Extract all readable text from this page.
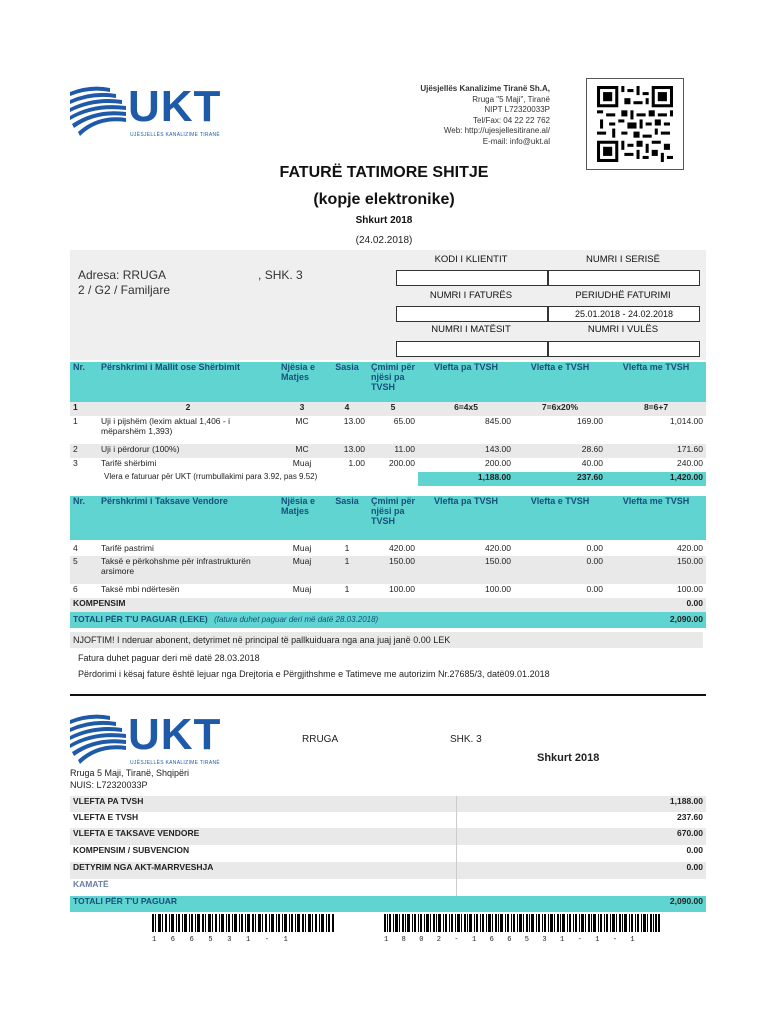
UKT
UJËSJELLËS KANALIZIME TIRANË
Ujësjellës Kanalizime Tiranë Sh.A,
Rruga "5 Maji", Tiranë
NIPT L72320033P
Tel/Fax: 04 22 22 762
Web: http://ujesjellesitirane.al/
E-mail: info@ukt.al
FATURË TATIMORE SHITJE
(kopje elektronike)
Shkurt 2018
(24.02.2018)
Adresa: RRUGA	, SHK. 3
2 / G2 / Familjare
KODI I KLIENTIT	NUMRI I SERISË
NUMRI I FATURËS	PERIUDHË FATURIMI
25.01.2018 - 24.02.2018
NUMRI I MATËSIT	NUMRI I VULËS
Nr.	Përshkrimi i Mallit ose Shërbimit	Njësia e Matjes	Sasia	Çmimi për njësi pa TVSH	Vlefta pa TVSH	Vlefta e TVSH	Vlefta me TVSH
1	2	3	4	5	6=4x5	7=6x20%	8=6+7
1	Uji i pijshëm (lexim aktual 1,406 - i mëparshëm 1,393)	MC	13.00	65.00	845.00	169.00	1,014.00
2	Uji i përdorur (100%)	MC	13.00	11.00	143.00	28.60	171.60
3	Tarifë shërbimi	Muaj	1.00	200.00	200.00	40.00	240.00
	Vlera e faturuar për UKT (rrumbullakimi para 3.92, pas 9.52)				1,188.00	237.60	1,420.00
Nr.	Përshkrimi i Taksave Vendore	Njësia e Matjes	Sasia	Çmimi për njësi pa TVSH	Vlefta pa TVSH	Vlefta e TVSH	Vlefta me TVSH
4	Tarifë pastrimi	Muaj	1	420.00	420.00	0.00	420.00
5	Taksë e përkohshme për infrastrukturën arsimore	Muaj	1	150.00	150.00	0.00	150.00
6	Taksë mbi ndërtesën	Muaj	1	100.00	100.00	0.00	100.00
KOMPENSIM							0.00
TOTALI PËR T'U PAGUAR (LEKE) (fatura duhet paguar deri më datë 28.03.2018)							2,090.00
NJOFTIM! I nderuar abonent, detyrimet në principal të pallkuiduara nga ana juaj janë 0.00 LEK
Fatura duhet paguar deri më datë 28.03.2018
Përdorimi i kësaj fature është lejuar nga Drejtoria e Përgjithshme e Tatimeve me autorizim Nr.27685/3, datë09.01.2018
UKT
UJËSJELLËS KANALIZIME TIRANË
RRUGA	SHK. 3
Shkurt 2018
Rruga 5 Maji, Tiranë, Shqipëri
NUIS: L72320033P
VLEFTA PA TVSH	1,188.00
VLEFTA E TVSH	237.60
VLEFTA E TAKSAVE VENDORE	670.00
KOMPENSIM / SUBVENCION	0.00
DETYRIM NGA AKT-MARRVESHJA	0.00
KAMATË	
TOTALI PËR T'U PAGUAR	2,090.00
1 6 6 5 3 1 - 1	1 8 0 2 - 1 6 6 5 3 1 - 1 - 1
